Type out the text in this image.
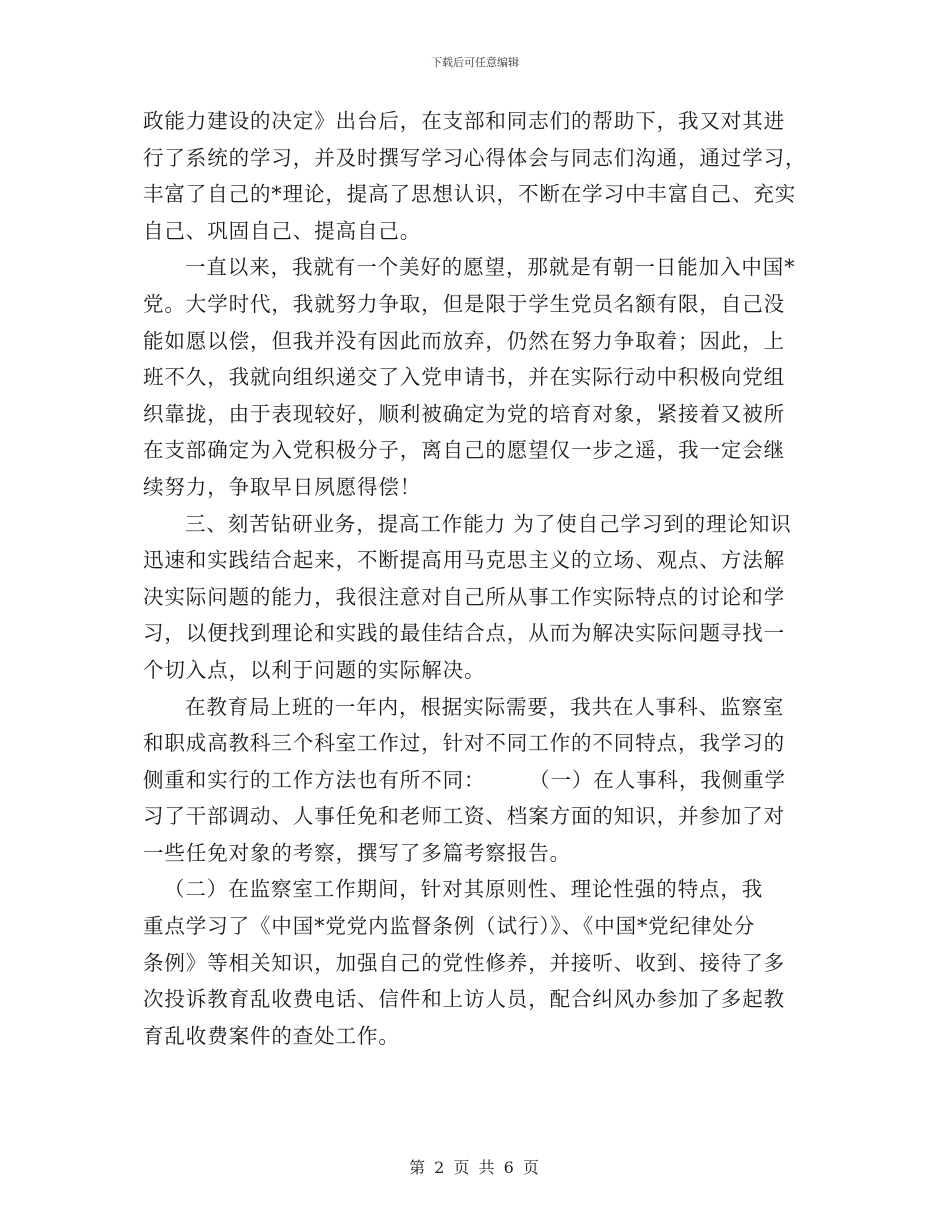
下载后可任意编辑
政能力建设的决定》出台后，在支部和同志们的帮助下，我又对其进
行了系统的学习，并及时撰写学习心得体会与同志们沟通，通过学习，
丰富了自己的*理论，提高了思想认识，不断在学习中丰富自己、充实
自己、巩固自己、提高自己。
一直以来，我就有一个美好的愿望，那就是有朝一日能加入中国*
党。大学时代，我就努力争取，但是限于学生党员名额有限，自己没
能如愿以偿，但我并没有因此而放弃，仍然在努力争取着；因此，上
班不久，我就向组织递交了入党申请书，并在实际行动中积极向党组
织靠拢，由于表现较好，顺利被确定为党的培育对象，紧接着又被所
在支部确定为入党积极分子，离自己的愿望仅一步之遥，我一定会继
续努力，争取早日夙愿得偿！
三、刻苦钻研业务，提高工作能力 为了使自己学习到的理论知识
迅速和实践结合起来，不断提高用马克思主义的立场、观点、方法解
决实际问题的能力，我很注意对自己所从事工作实际特点的讨论和学
习，以便找到理论和实践的最佳结合点，从而为解决实际问题寻找一
个切入点，以利于问题的实际解决。
在教育局上班的一年内，根据实际需要，我共在人事科、监察室
和职成高教科三个科室工作过，针对不同工作的不同特点，我学习的
侧重和实行的工作方法也有所不同：　　　（一）在人事科，我侧重学
习了干部调动、人事任免和老师工资、档案方面的知识，并参加了对
一些任免对象的考察，撰写了多篇考察报告。
（二）在监察室工作期间，针对其原则性、理论性强的特点，我
重点学习了《中国*党党内监督条例（试行）》、《中国*党纪律处分
条例》等相关知识，加强自己的党性修养，并接听、收到、接待了多
次投诉教育乱收费电话、信件和上访人员，配合纠风办参加了多起教
育乱收费案件的查处工作。
第 2 页 共 6 页
